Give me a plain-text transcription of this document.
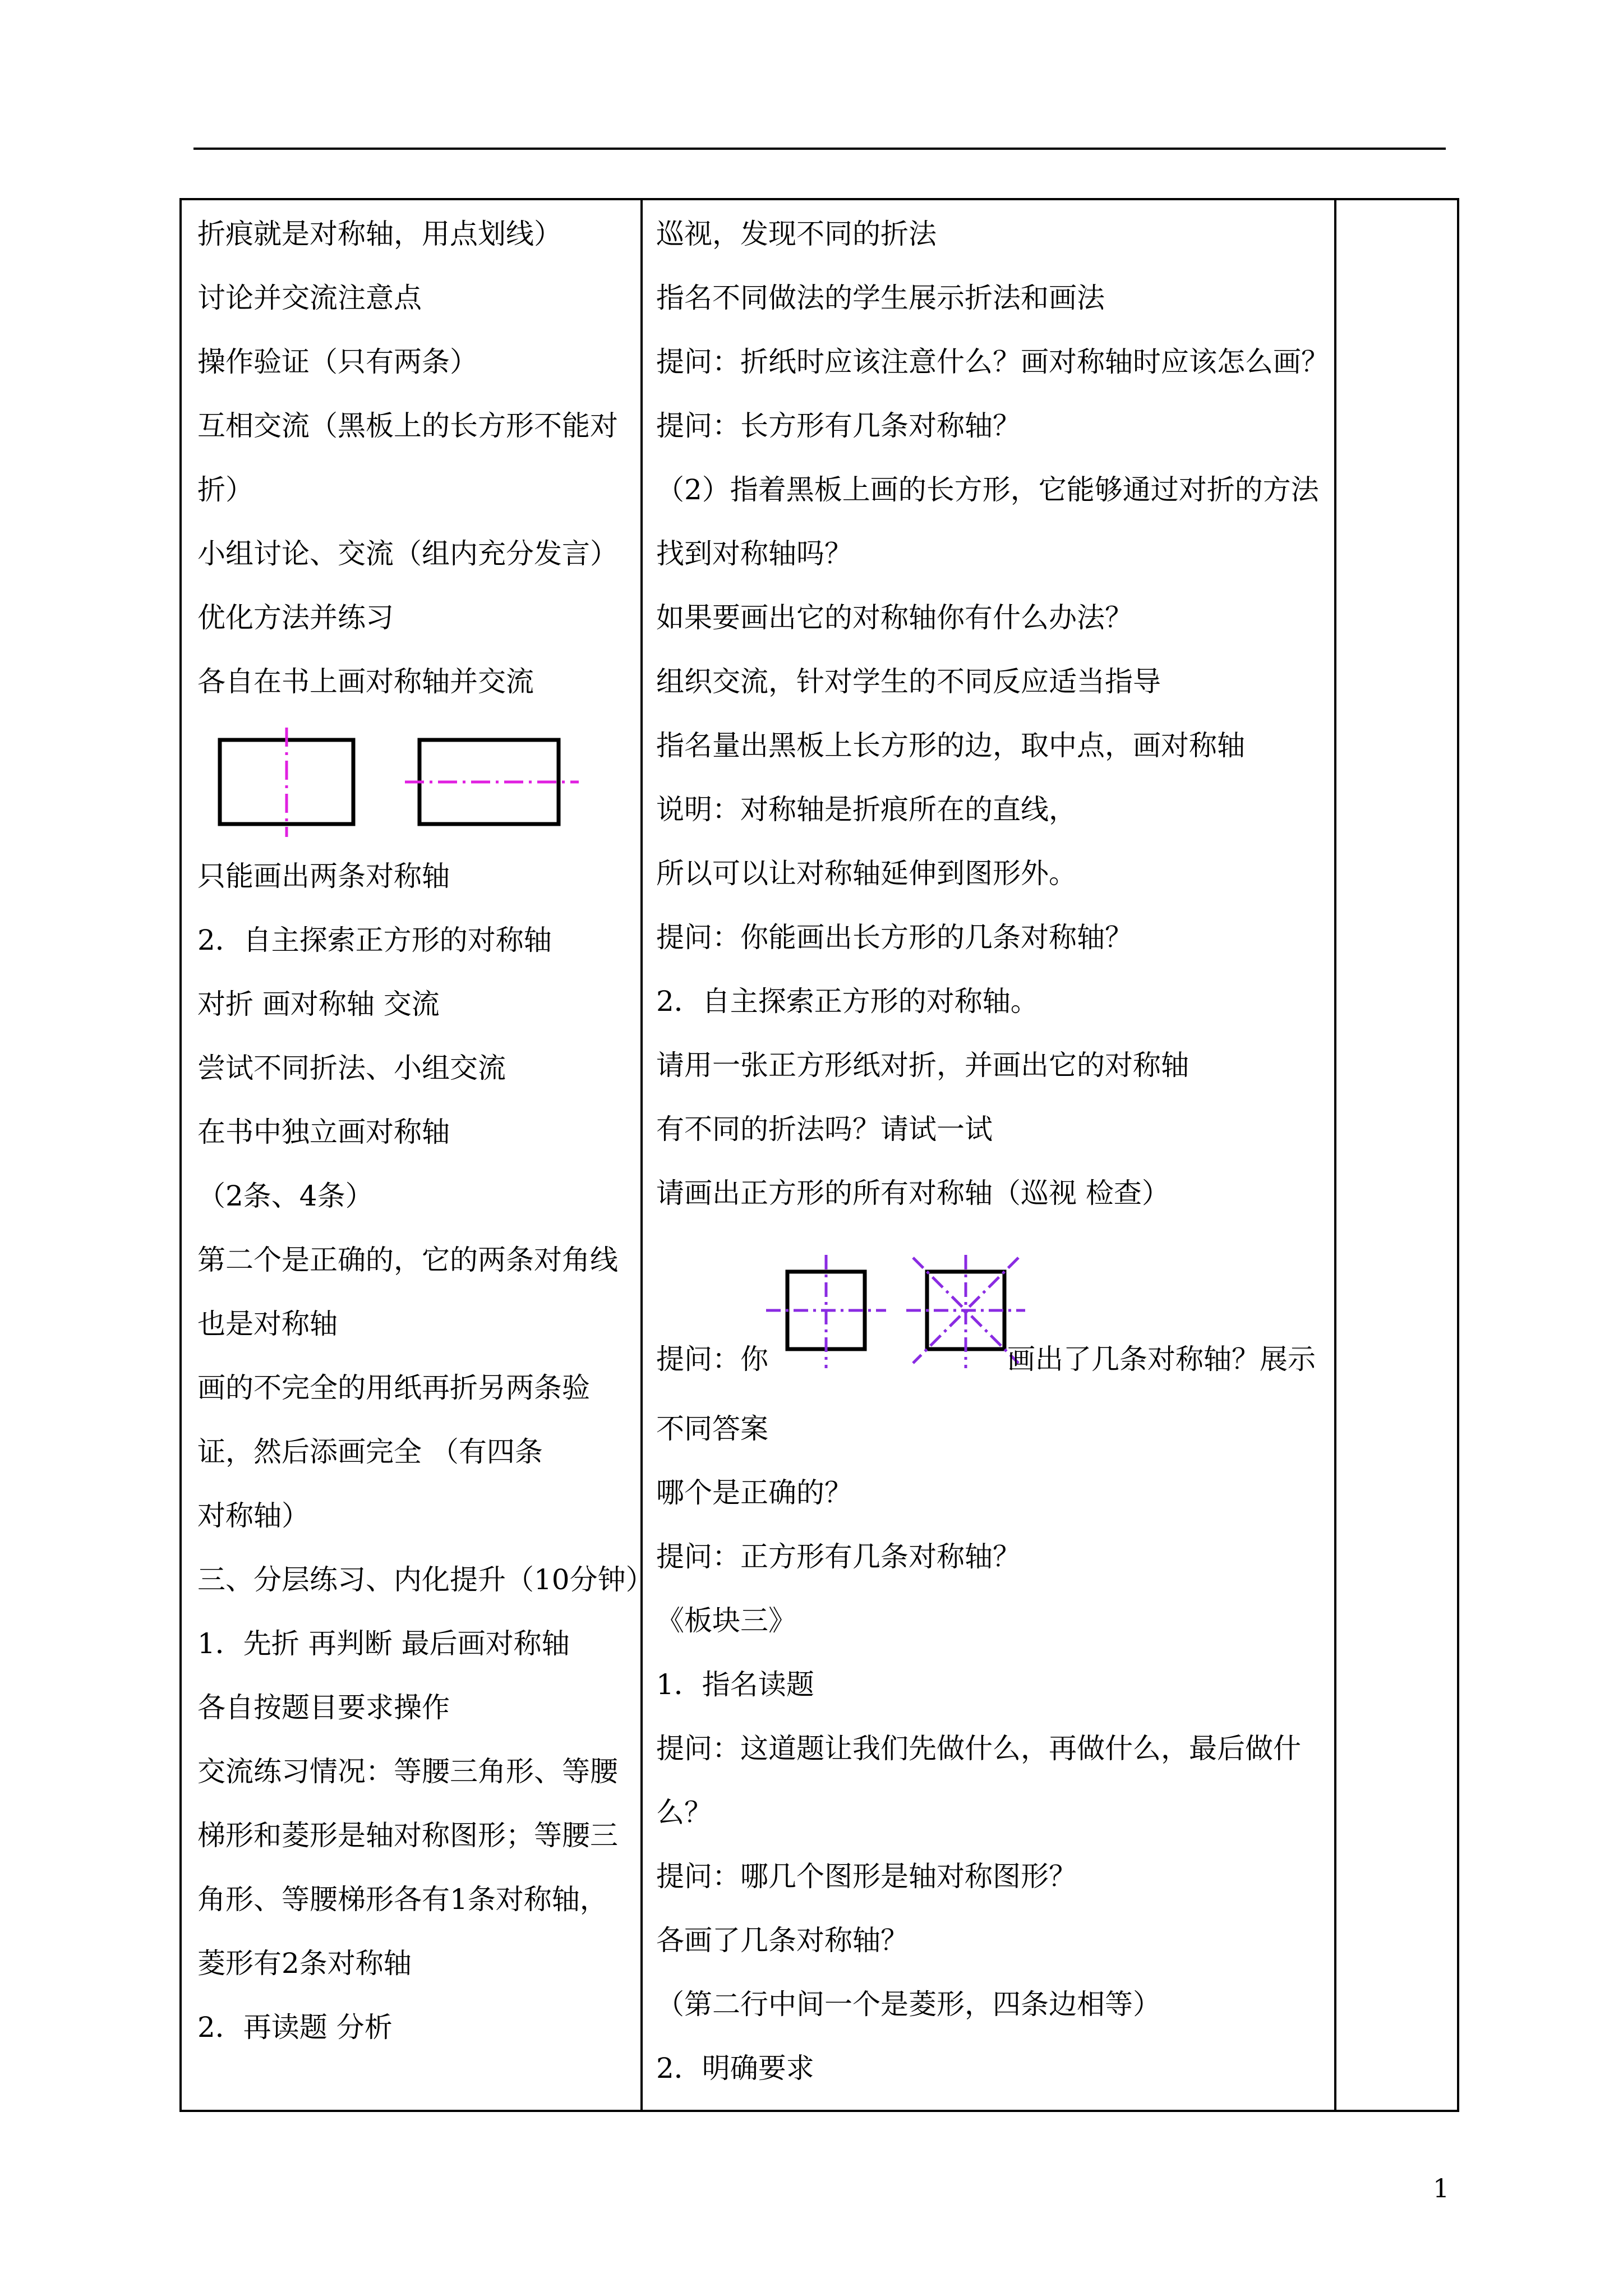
折痕就是对称轴，用点划线）
讨论并交流注意点
操作验证（只有两条）
互相交流（黑板上的长方形不能对
折）
小组讨论、交流（组内充分发言）
优化方法并练习
各自在书上画对称轴并交流
只能画出两条对称轴
2．自主探索正方形的对称轴
对折 画对称轴 交流
尝试不同折法、小组交流
在书中独立画对称轴
（2条、4条）
第二个是正确的，它的两条对角线
也是对称轴
画的不完全的用纸再折另两条验
证，然后添画完全 （有四条
对称轴）
三、分层练习、内化提升（10分钟）
1．先折 再判断 最后画对称轴
各自按题目要求操作
交流练习情况：等腰三角形、等腰
梯形和菱形是轴对称图形；等腰三
角形、等腰梯形各有1条对称轴，
菱形有2条对称轴
2．再读题 分析
巡视，发现不同的折法
指名不同做法的学生展示折法和画法
提问：折纸时应该注意什么？画对称轴时应该怎么画？
提问：长方形有几条对称轴？
（2）指着黑板上画的长方形，它能够通过对折的方法
找到对称轴吗？
如果要画出它的对称轴你有什么办法？
组织交流，针对学生的不同反应适当指导
指名量出黑板上长方形的边，取中点，画对称轴
说明：对称轴是折痕所在的直线，
所以可以让对称轴延伸到图形外。
提问：你能画出长方形的几条对称轴？
2．自主探索正方形的对称轴。
请用一张正方形纸对折，并画出它的对称轴
有不同的折法吗？请试一试
请画出正方形的所有对称轴（巡视 检查）
提问：你	画出了几条对称轴？展示
不同答案
哪个是正确的？
提问：正方形有几条对称轴？
《板块三》
1．指名读题
提问：这道题让我们先做什么，再做什么，最后做什
么？
提问：哪几个图形是轴对称图形？
各画了几条对称轴？
（第二行中间一个是菱形，四条边相等）
2．明确要求
1
